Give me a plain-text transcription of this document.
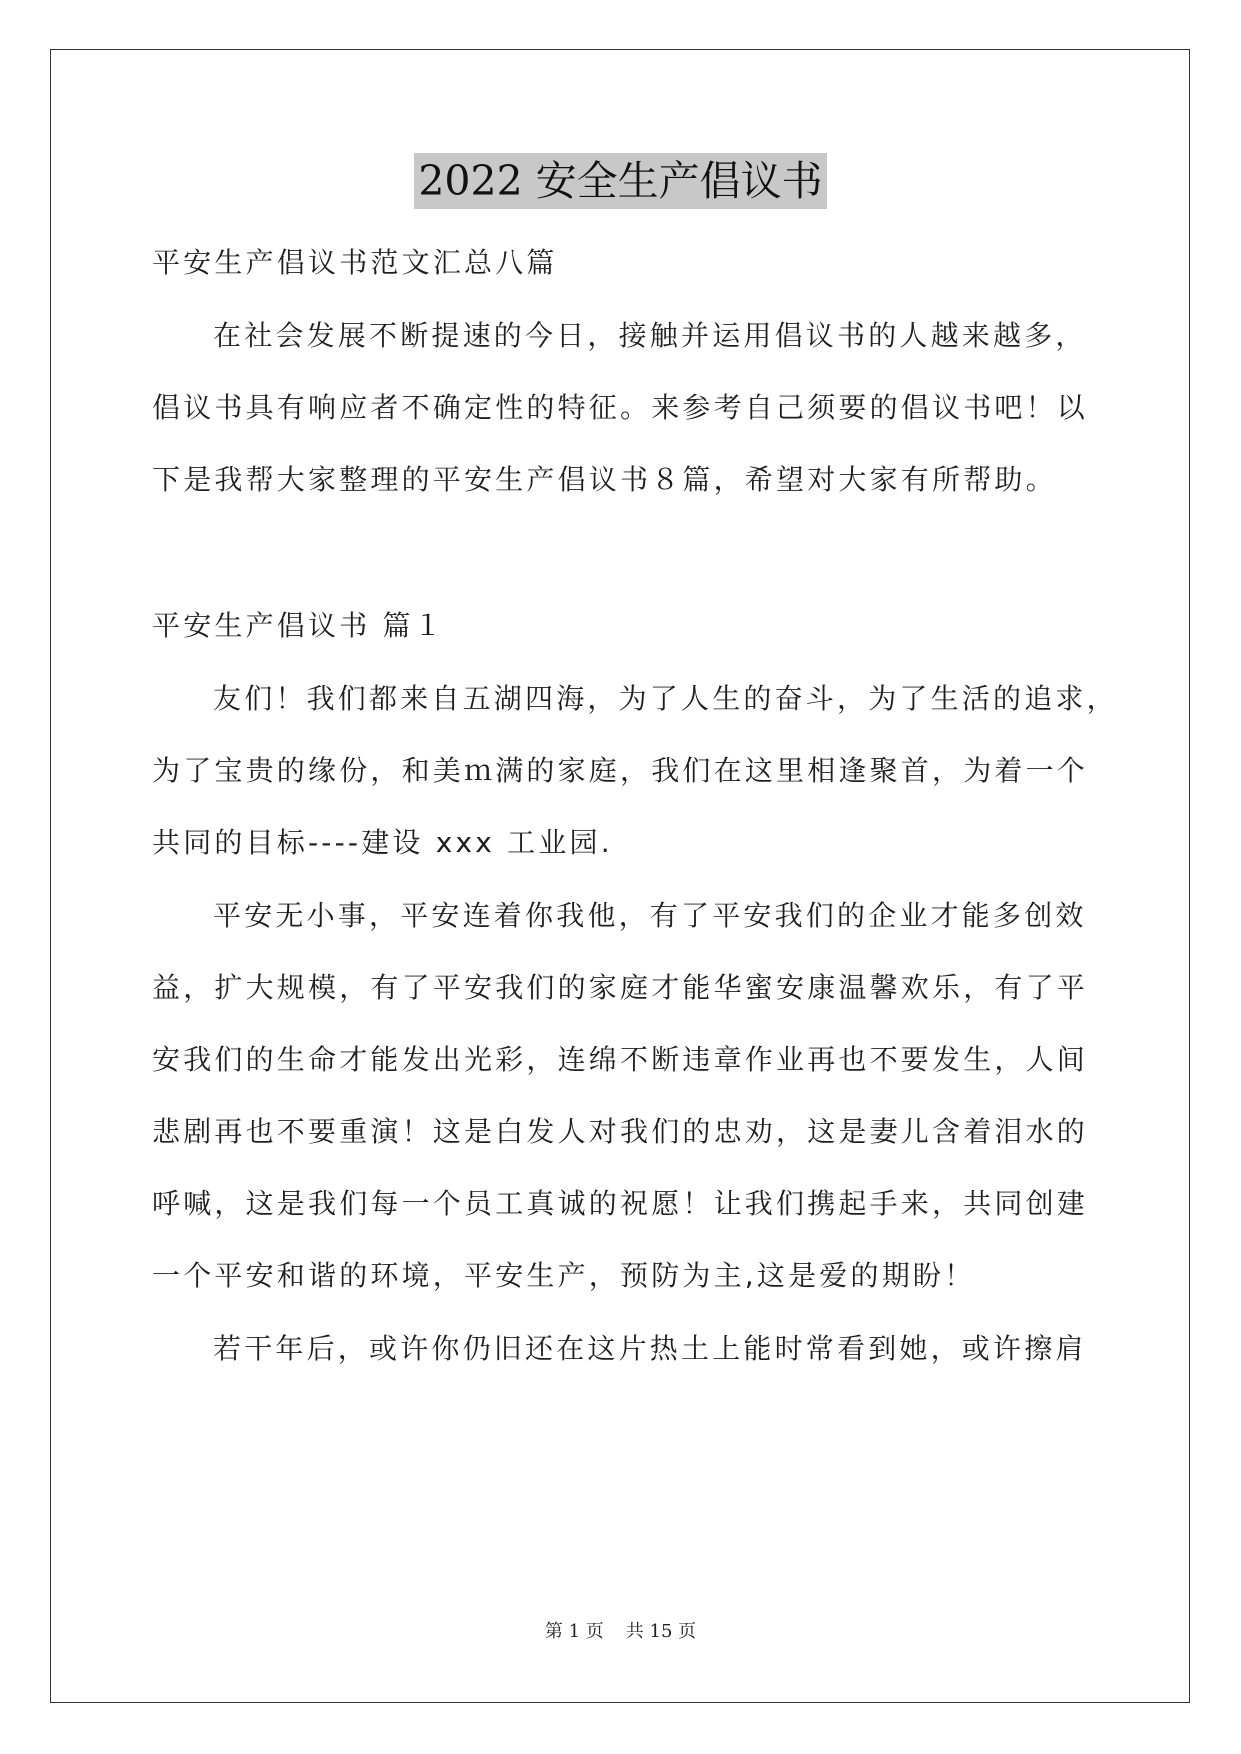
2022 安全生产倡议书
平安生产倡议书范文汇总八篇
在社会发展不断提速的今日，接触并运用倡议书的人越来越多，
倡议书具有响应者不确定性的特征。来参考自己须要的倡议书吧！以
下是我帮大家整理的平安生产倡议书８篇，希望对大家有所帮助。
平安生产倡议书 篇１
友们！我们都来自五湖四海，为了人生的奋斗，为了生活的追求，
为了宝贵的缘份，和美ｍ满的家庭，我们在这里相逢聚首，为着一个
共同的目标----建设 xxx 工业园.
平安无小事，平安连着你我他，有了平安我们的企业才能多创效
益，扩大规模，有了平安我们的家庭才能华蜜安康温馨欢乐，有了平
安我们的生命才能发出光彩，连绵不断违章作业再也不要发生，人间
悲剧再也不要重演！这是白发人对我们的忠劝，这是妻儿含着泪水的
呼喊，这是我们每一个员工真诚的祝愿！让我们携起手来，共同创建
一个平安和谐的环境，平安生产，预防为主,这是爱的期盼！
若干年后，或许你仍旧还在这片热土上能时常看到她，或许擦肩
第 1 页 共 15 页
